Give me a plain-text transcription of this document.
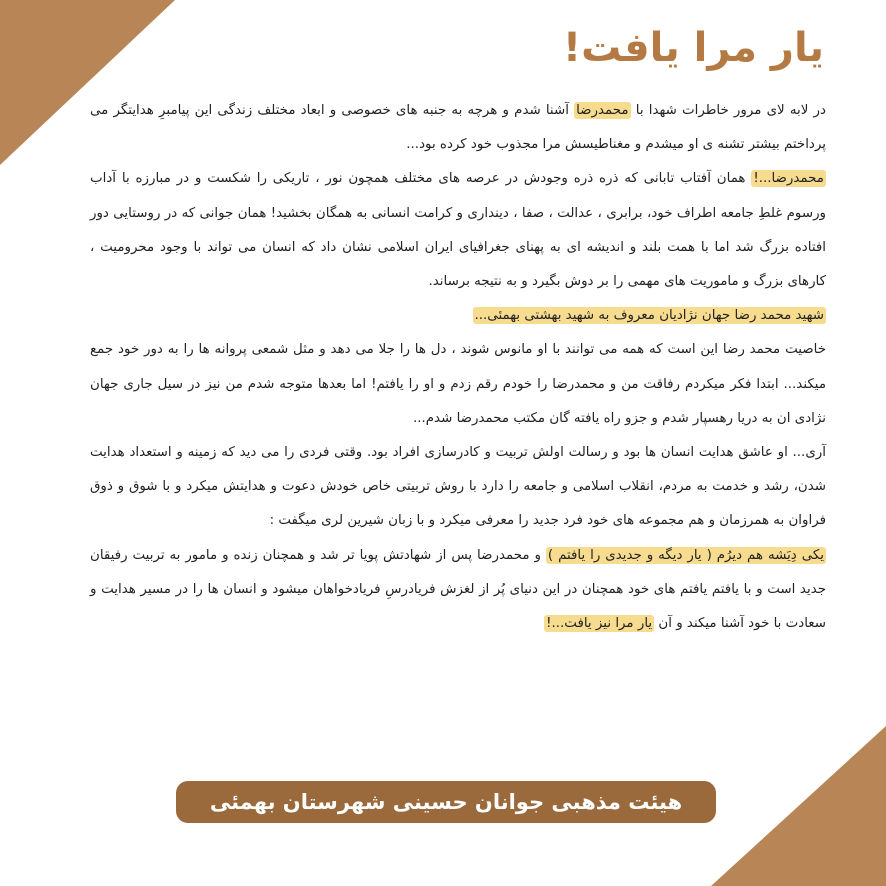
یار مرا یافت!

در لابه لای مرور خاطرات شهدا با محمدرضا آشنا شدم و هرچه به جنبه های خصوصی و ابعاد مختلف زندگی این پیامبرِ هدایتگر می پرداختم بیشتر تشنه ی او میشدم و مغناطیسش مرا مجذوب خود کرده بود...

محمدرضا...! همان آفتاب تابانی که ذره ذره وجودش در عرصه های مختلف همچون نور ، تاریکی را شکست و در مبارزه با آداب ورسوم غلطِ جامعه اطراف خود، برابری ، عدالت ، صفا ، دینداری و کرامت انسانی به همگان بخشید! همان جوانی که در روستایی دور افتاده بزرگ شد اما با همت بلند و اندیشه ای به پهنای جغرافیای ایران اسلامی نشان داد که انسان می تواند با وجود محرومیت ، کارهای بزرگ و ماموریت های مهمی را بر دوش بگیرد و به نتیجه برساند.

شهید محمد رضا جهان نژادیان معروف به شهید بهشتی بهمئی...

خاصیت محمد رضا این است که همه می توانند با او مانوس شوند ، دل ها را جلا می دهد و مثل شمعی پروانه ها را به دور خود جمع میکند... ابتدا فکر میکردم رفاقت من و محمدرضا را خودم رقم زدم و او را یافتم! اما بعدها متوجه شدم من نیز در سیل جاری جهان نژادی ان به دریا رهسپار شدم و جزو راه یافته گان مکتب محمدرضا شدم...

آری... او عاشق هدایت انسان ها بود و رسالت اولش تربیت و کادرسازی افراد بود. وقتی فردی را می دید که زمینه و استعداد هدایت شدن، رشد و خدمت به مردم، انقلاب اسلامی و جامعه را دارد با روش تربیتی خاص خودش دعوت و هدایتش میکرد و با شوق و ذوق فراوان به همرزمان و هم مجموعه های خود فرد جدید را معرفی میکرد و با زبان شیرین لری میگفت :

یکی دِیَشه هم دیرُم ( یار دیگه و جدیدی را یافتم ) و محمدرضا پس از شهادتش پویا تر شد و همچنان زنده و مامور به تربیت رفیقان جدید است و با یافتم یافتم های خود همچنان در این دنیای پُر از لغزش فریادرسِ فریادخواهان میشود و انسان ها را در مسیر هدایت و سعادت با خود آشنا میکند و آن یار مرا نیز یافت...!

هیئت مذهبی جوانان حسینی شهرستان بهمئی
